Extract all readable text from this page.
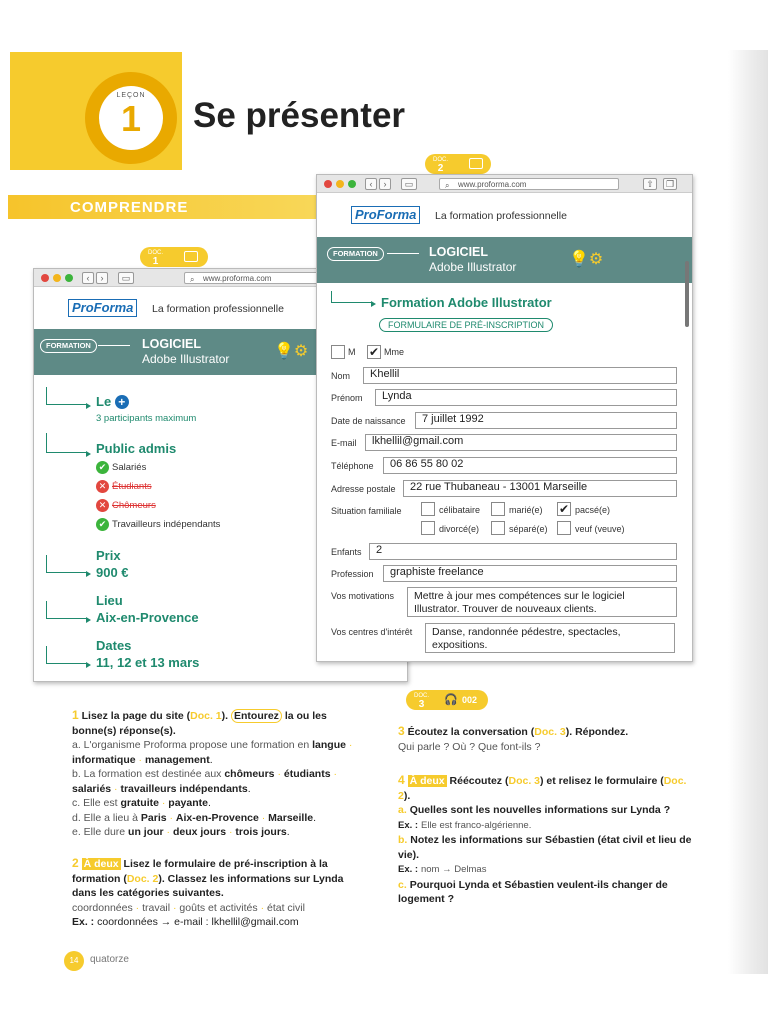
LEÇON
1	Se présenter
COMPRENDRE
DOC.
1
‹	›	▭	⌕ www.proforma.com
ProForma	La formation professionnelle
FORMATION	LOGICIEL
Adobe Illustrator	💡⚙
Le +
3 participants maximum
Public admis
✔ Salariés
✕ Étudiants
✕ Chômeurs
✔ Travailleurs indépendants
Prix
900 €
Lieu
Aix-en-Provence
Dates
11, 12 et 13 mars
DOC.
2
‹	›	▭	⌕ www.proforma.com	⇧	❐
ProForma	La formation professionnelle
FORMATION	LOGICIEL
Adobe Illustrator	💡⚙
Formation Adobe Illustrator
FORMULAIRE DE PRÉ-INSCRIPTION
M ✔ Mme
Nom	Khellil
Prénom	Lynda
Date de naissance	7 juillet 1992
E-mail	lkhellil@gmail.com
Téléphone	06 86 55 80 02
Adresse postale	22 rue Thubaneau - 13001 Marseille
Situation familiale	célibataire	marié(e) ✔ pacsé(e)
divorcé(e)	séparé(e)	veuf (veuve)
Enfants	2
Profession	graphiste freelance
Vos motivations	Mettre à jour mes compétences sur le logiciel
Illustrator. Trouver de nouveaux clients.
Vos centres d'intérêt	Danse, randonnée pédestre, spectacles,
expositions.
DOC.
3	🎧 002
1 Lisez la page du site (Doc. 1). Entourez la ou les bonne(s) réponse(s).
a. L'organisme Proforma propose une formation en langue · informatique · management.
b. La formation est destinée aux chômeurs · étudiants · salariés · travailleurs indépendants.
c. Elle est gratuite · payante.
d. Elle a lieu à Paris · Aix-en-Provence · Marseille.
e. Elle dure un jour · deux jours · trois jours.
2 À deux Lisez le formulaire de pré-inscription à la formation (Doc. 2). Classez les informations sur Lynda dans les catégories suivantes.
coordonnées · travail · goûts et activités · état civil
Ex. : coordonnées → e-mail : lkhellil@gmail.com
3 Écoutez la conversation (Doc. 3). Répondez.
Qui parle ? Où ? Que font-ils ?
4 À deux Réécoutez (Doc. 3) et relisez le formulaire (Doc. 2).
a. Quelles sont les nouvelles informations sur Lynda ?
Ex. : Elle est franco-algérienne.
b. Notez les informations sur Sébastien (état civil et lieu de vie).
Ex. : nom → Delmas
c. Pourquoi Lynda et Sébastien veulent-ils changer de logement ?
14	quatorze
